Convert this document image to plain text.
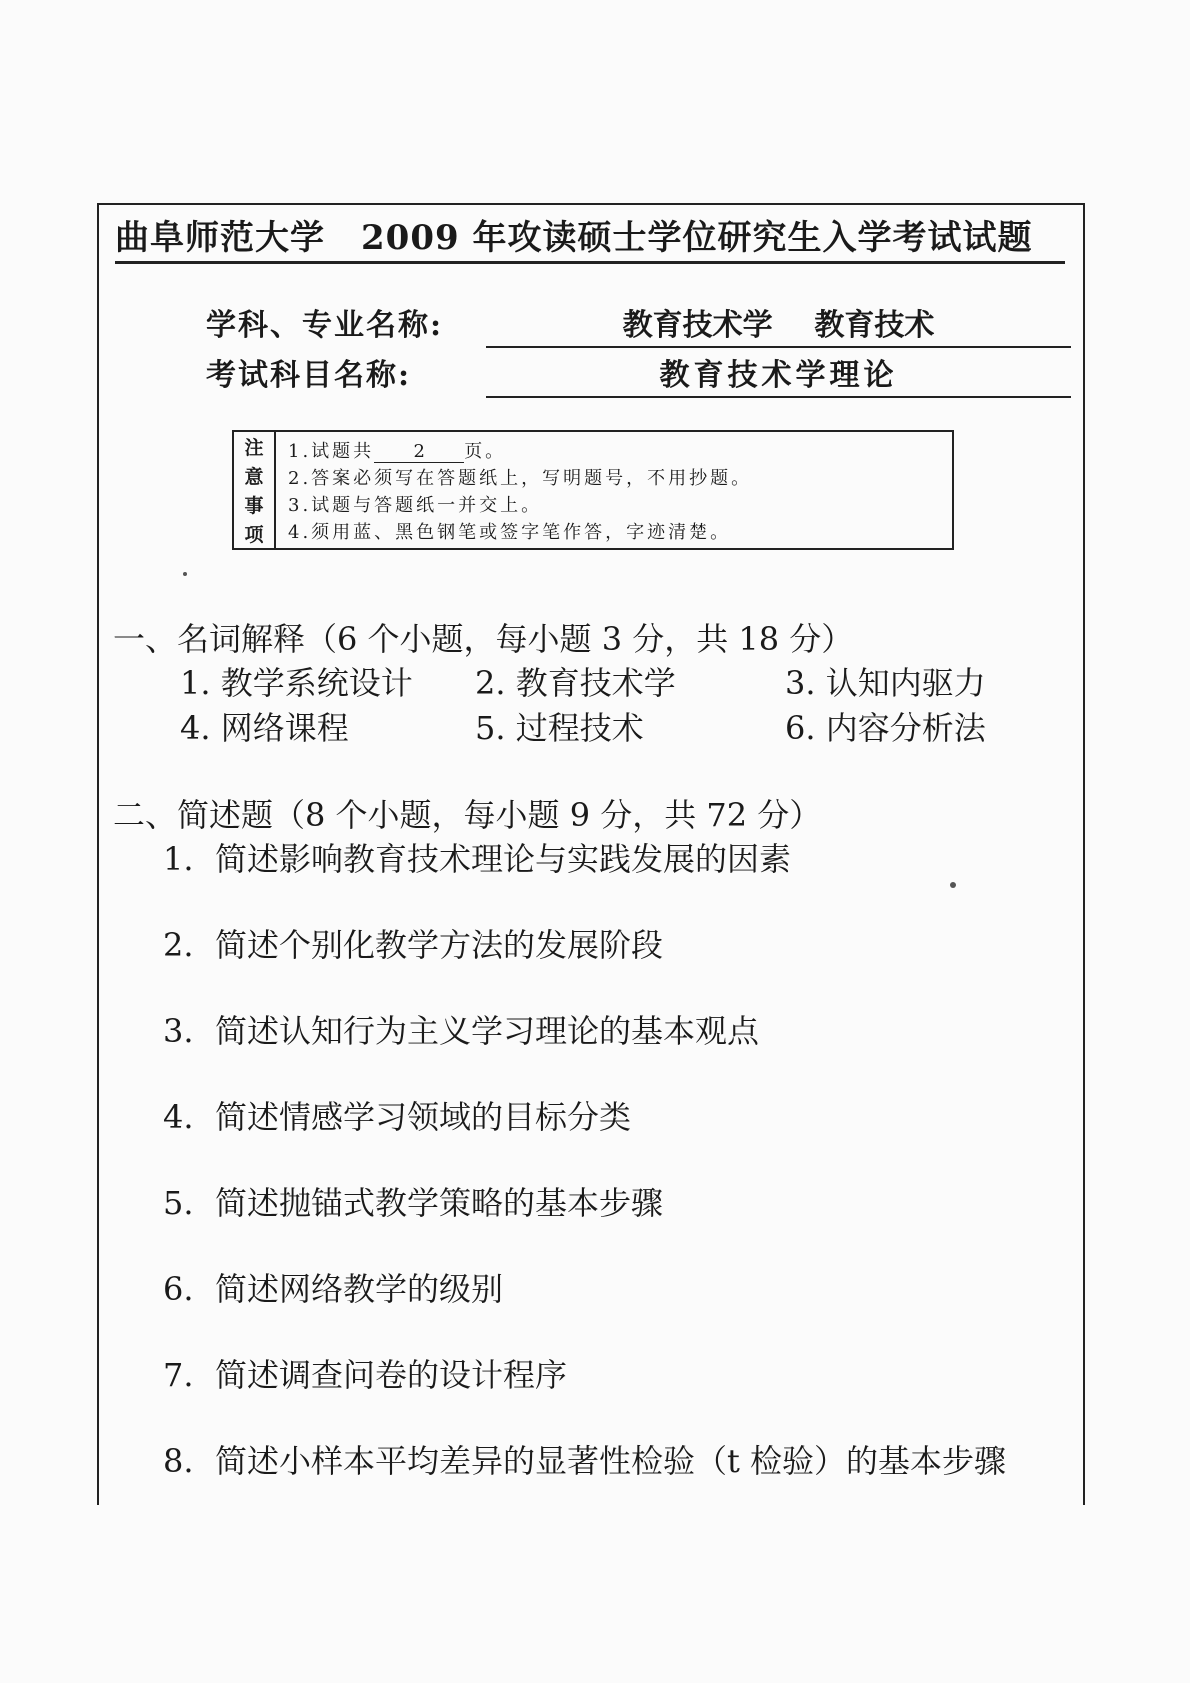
曲阜师范大学 2009 年攻读硕士学位研究生入学考试试题
学科、专业名称:	教育技术学    教育技术
考试科目名称:	教育技术学理论
注
意
事
项
1.试题共 2 页。
2.答案必须写在答题纸上，写明题号，不用抄题。
3.试题与答题纸一并交上。
4.须用蓝、黑色钢笔或签字笔作答，字迹清楚。
一、名词解释（6 个小题，每小题 3 分，共 18 分）
1. 教学系统设计 2. 教育技术学	3. 认知内驱力
4. 网络课程	5. 过程技术	6. 内容分析法
二、简述题（8 个小题，每小题 9 分，共 72 分）
1. 简述影响教育技术理论与实践发展的因素
2. 简述个别化教学方法的发展阶段
3. 简述认知行为主义学习理论的基本观点
4. 简述情感学习领域的目标分类
5. 简述抛锚式教学策略的基本步骤
6. 简述网络教学的级别
7. 简述调查问卷的设计程序
8. 简述小样本平均差异的显著性检验（t 检验）的基本步骤
